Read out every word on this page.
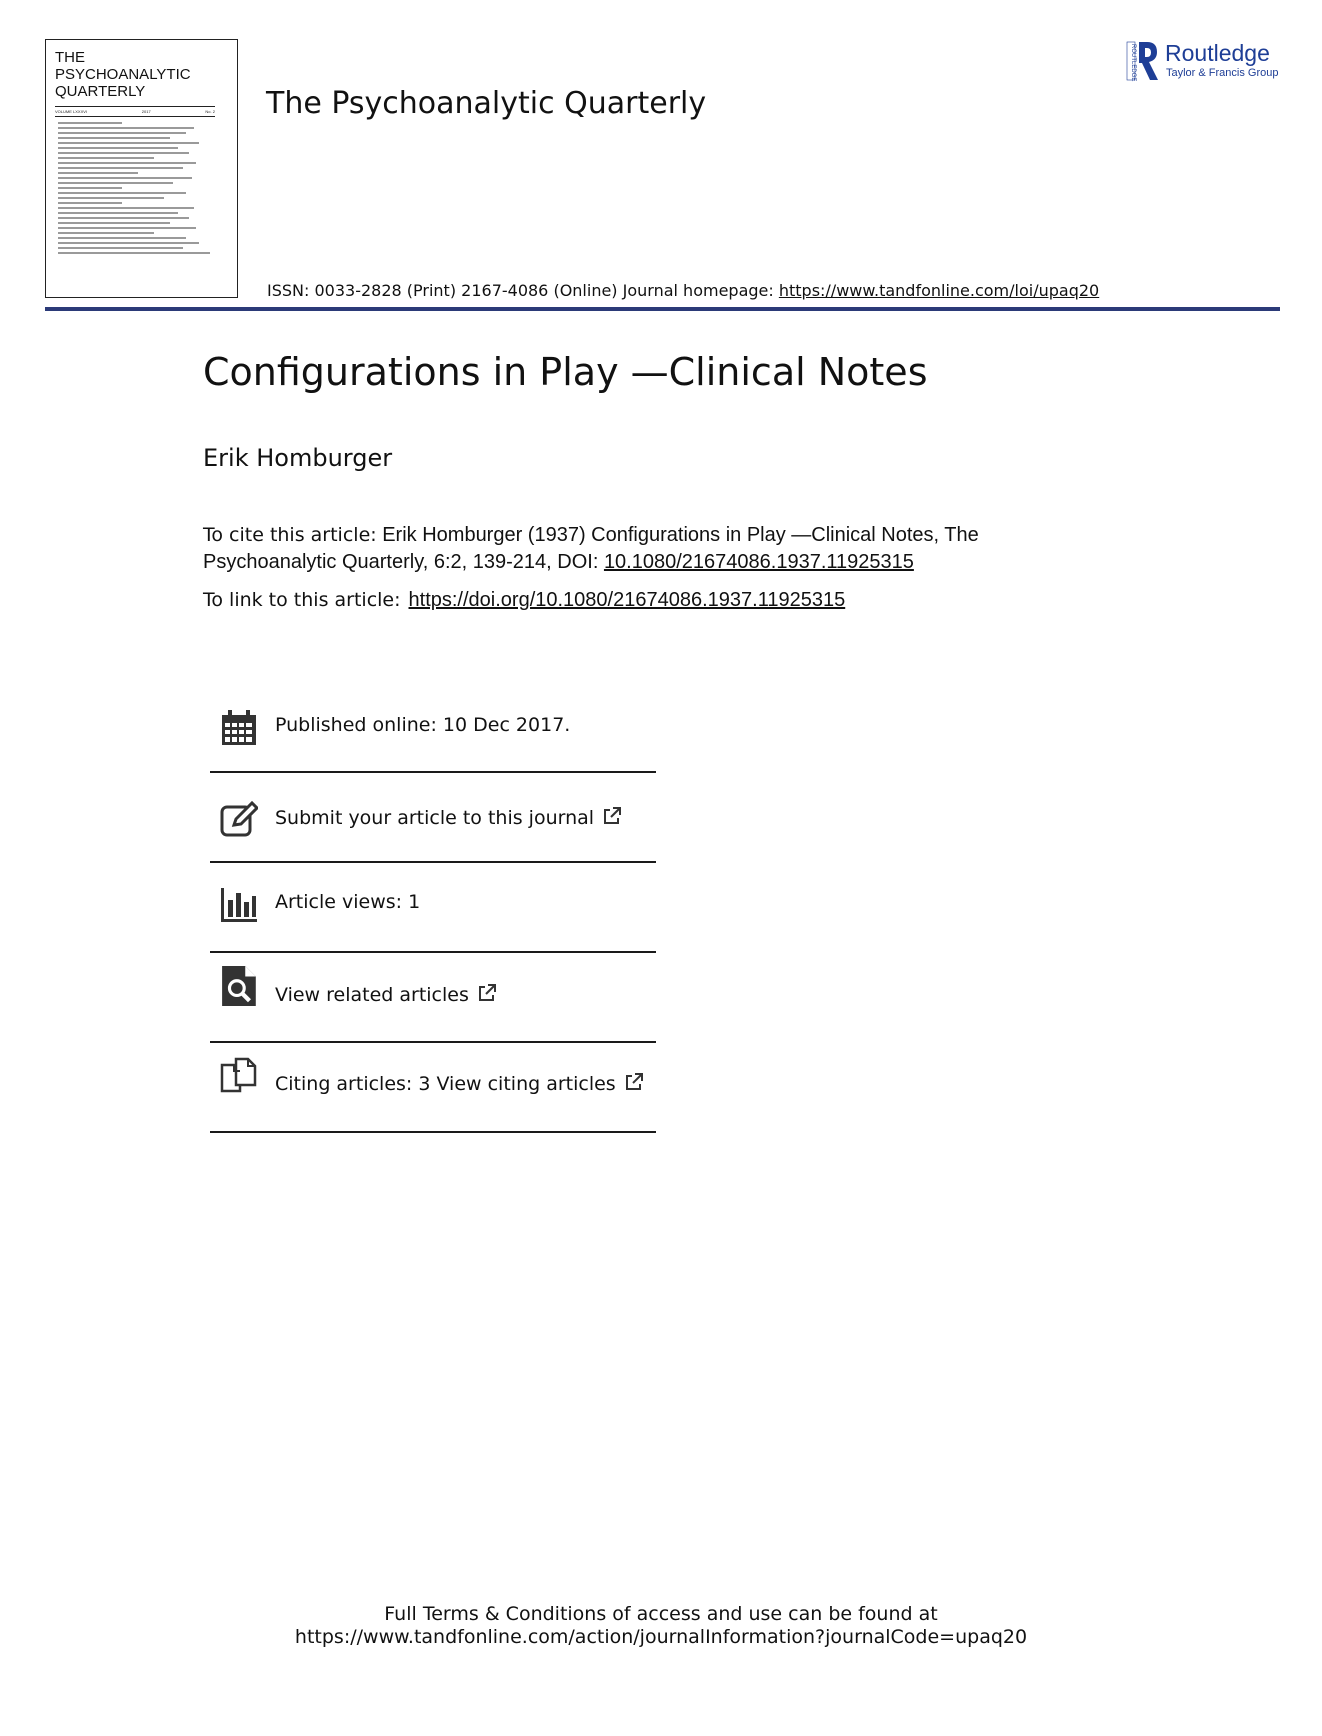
THE
PSYCHOANALYTIC
QUARTERLY
VOLUME LXXXVI	2017	No. 2 The Psychoanalytic Quarterly
ROUTLEDGE Routledge
Taylor & Francis Group
ISSN: 0033-2828 (Print) 2167-4086 (Online) Journal homepage: https://www.tandfonline.com/loi/upaq20
Configurations in Play —Clinical Notes
Erik Homburger
To cite this article: Erik Homburger (1937) Configurations in Play —Clinical Notes, The Psychoanalytic Quarterly, 6:2, 139-214, DOI: 10.1080/21674086.1937.11925315
To link to this article: https://doi.org/10.1080/21674086.1937.11925315
Published online: 10 Dec 2017.
Submit your article to this journal
Article views: 1
View related articles
Citing articles: 3 View citing articles
Full Terms & Conditions of access and use can be found at
https://www.tandfonline.com/action/journalInformation?journalCode=upaq20
